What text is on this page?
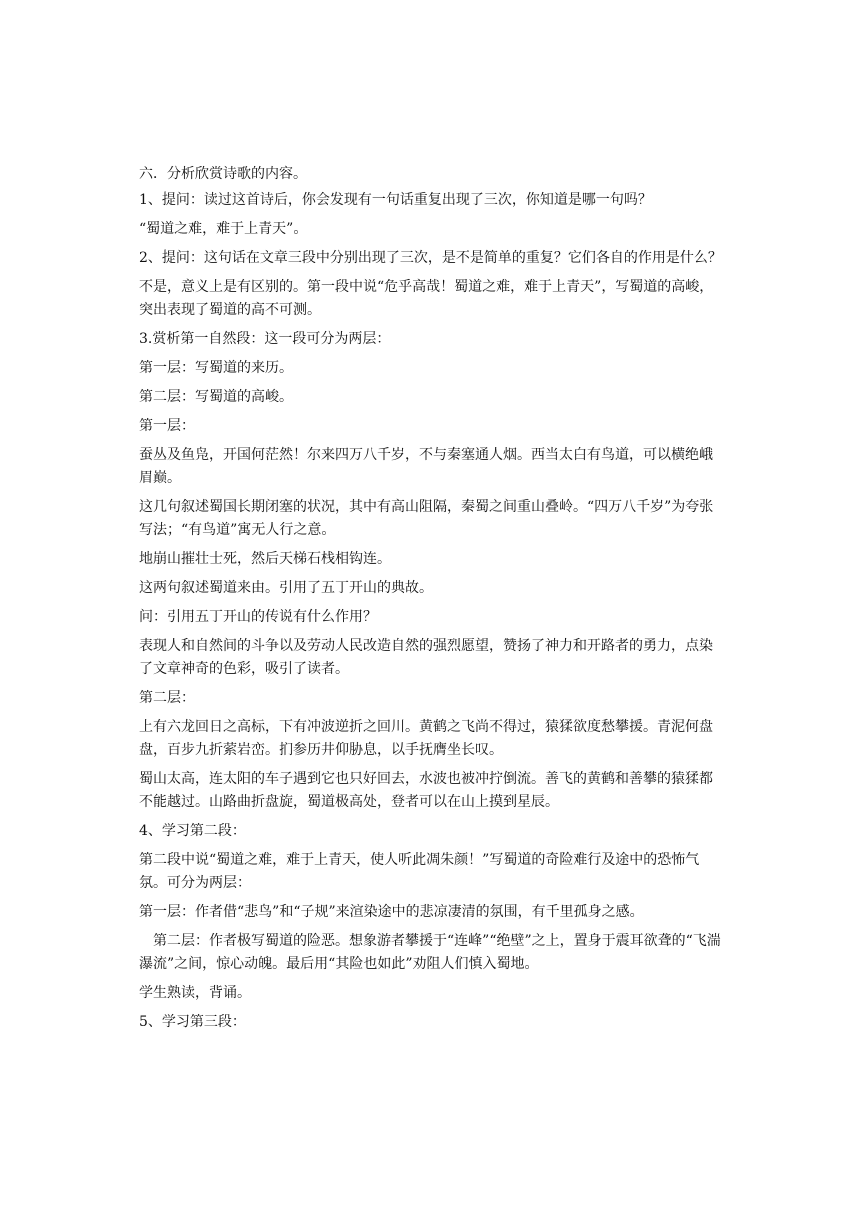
六．分析欣赏诗歌的内容。

1、提问：读过这首诗后，你会发现有一句话重复出现了三次，你知道是哪一句吗？

“蜀道之难，难于上青天”。

2、提问：这句话在文章三段中分别出现了三次，是不是简单的重复？它们各自的作用是什么？

不是，意义上是有区别的。第一段中说“危乎高哉！蜀道之难，难于上青天”，写蜀道的高峻，突出表现了蜀道的高不可测。

3.赏析第一自然段：这一段可分为两层：

第一层：写蜀道的来历。

第二层：写蜀道的高峻。

第一层：

蚕丛及鱼凫，开国何茫然！尔来四万八千岁，不与秦塞通人烟。西当太白有鸟道，可以横绝峨眉巅。

这几句叙述蜀国长期闭塞的状况，其中有高山阻隔，秦蜀之间重山叠岭。“四万八千岁”为夸张写法；“有鸟道”寓无人行之意。

地崩山摧壮士死，然后天梯石栈相钩连。

这两句叙述蜀道来由。引用了五丁开山的典故。

问：引用五丁开山的传说有什么作用？

表现人和自然间的斗争以及劳动人民改造自然的强烈愿望，赞扬了神力和开路者的勇力，点染了文章神奇的色彩，吸引了读者。

第二层：

上有六龙回日之高标，下有冲波逆折之回川。黄鹤之飞尚不得过，猿猱欲度愁攀援。青泥何盘盘，百步九折萦岩峦。扪参历井仰胁息，以手抚膺坐长叹。

蜀山太高，连太阳的车子遇到它也只好回去，水波也被冲拧倒流。善飞的黄鹤和善攀的猿猱都不能越过。山路曲折盘旋，蜀道极高处，登者可以在山上摸到星辰。

4、学习第二段：

第二段中说“蜀道之难，难于上青天，使人听此凋朱颜！”写蜀道的奇险难行及途中的恐怖气氛。可分为两层：

第一层：作者借“悲鸟”和“子规”来渲染途中的悲凉凄清的氛围，有千里孤身之感。

第二层：作者极写蜀道的险恶。想象游者攀援于“连峰”“绝壁”之上，置身于震耳欲聋的“飞湍瀑流”之间，惊心动魄。最后用“其险也如此”劝阻人们慎入蜀地。

学生熟读，背诵。

5、学习第三段：
